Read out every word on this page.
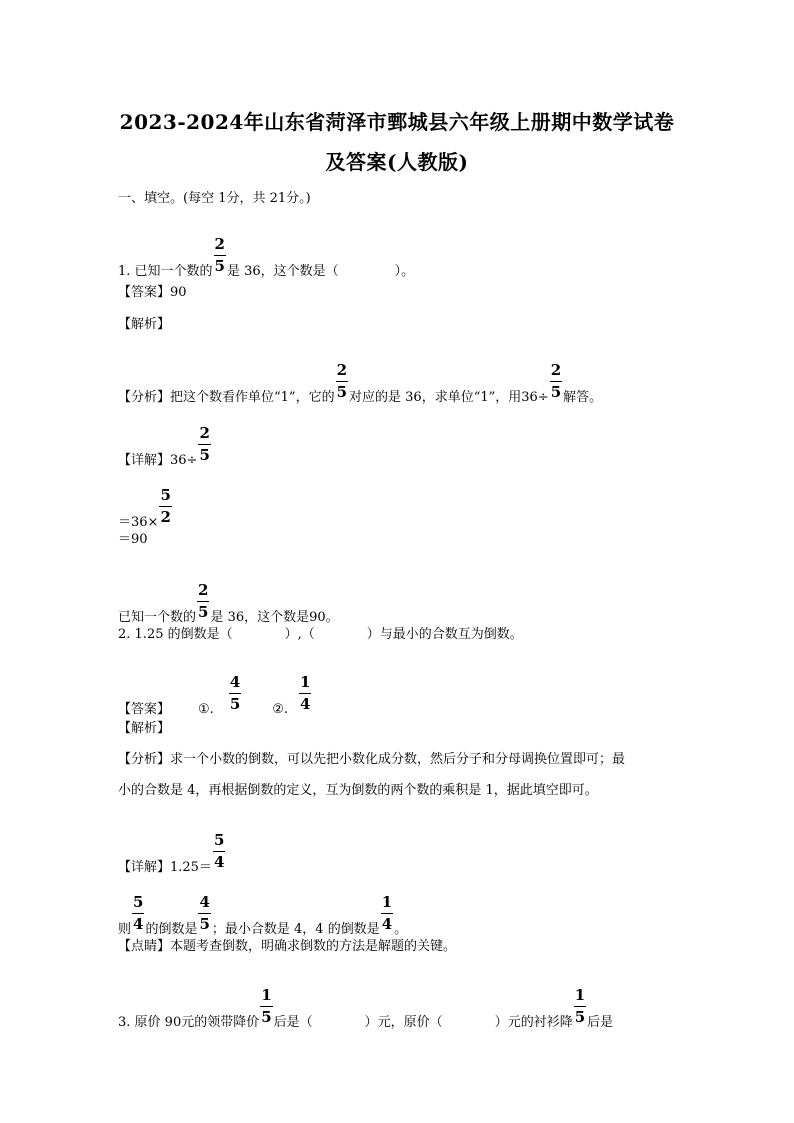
2023-2024年山东省菏泽市鄄城县六年级上册期中数学试卷
及答案(人教版)
一、填空。(每空 1分，共 21分。)
1. 已知一个数的 $\frac{2}{5}$ 是 36，这个数是（	）。
【答案】90
【解析】
【分析】把这个数看作单位“1”，它的 $\frac{2}{5}$ 对应的是 36，求单位“1”，用$36\div \frac{2}{5}$ 解答。
【详解】$36\div \frac{2}{5}$
$=36\times \frac{5}{2}$
＝90
已知一个数的 $\frac{2}{5}$ 是 36，这个数是90。
2. 1.25 的倒数是（	）,（	）与最小的合数互为倒数。
【答案】 ①. $\frac{4}{5}$ ②. $\frac{1}{4}$
【解析】
【分析】求一个小数的倒数，可以先把小数化成分数，然后分子和分母调换位置即可；最
小的合数是 4，再根据倒数的定义，互为倒数的两个数的乘积是 1，据此填空即可。
【详解】$1.25= \frac{5}{4}$
则 $\frac{5}{4}$ 的倒数是 $\frac{4}{5}$ ；最小合数是 4，4 的倒数是 $\frac{1}{4}$ 。
【点睛】本题考查倒数，明确求倒数的方法是解题的关键。
3. 原价 90元的领带降价 $\frac{1}{5}$ 后是（	）元，原价（	）元的衬衫降 $\frac{1}{5}$ 后是
